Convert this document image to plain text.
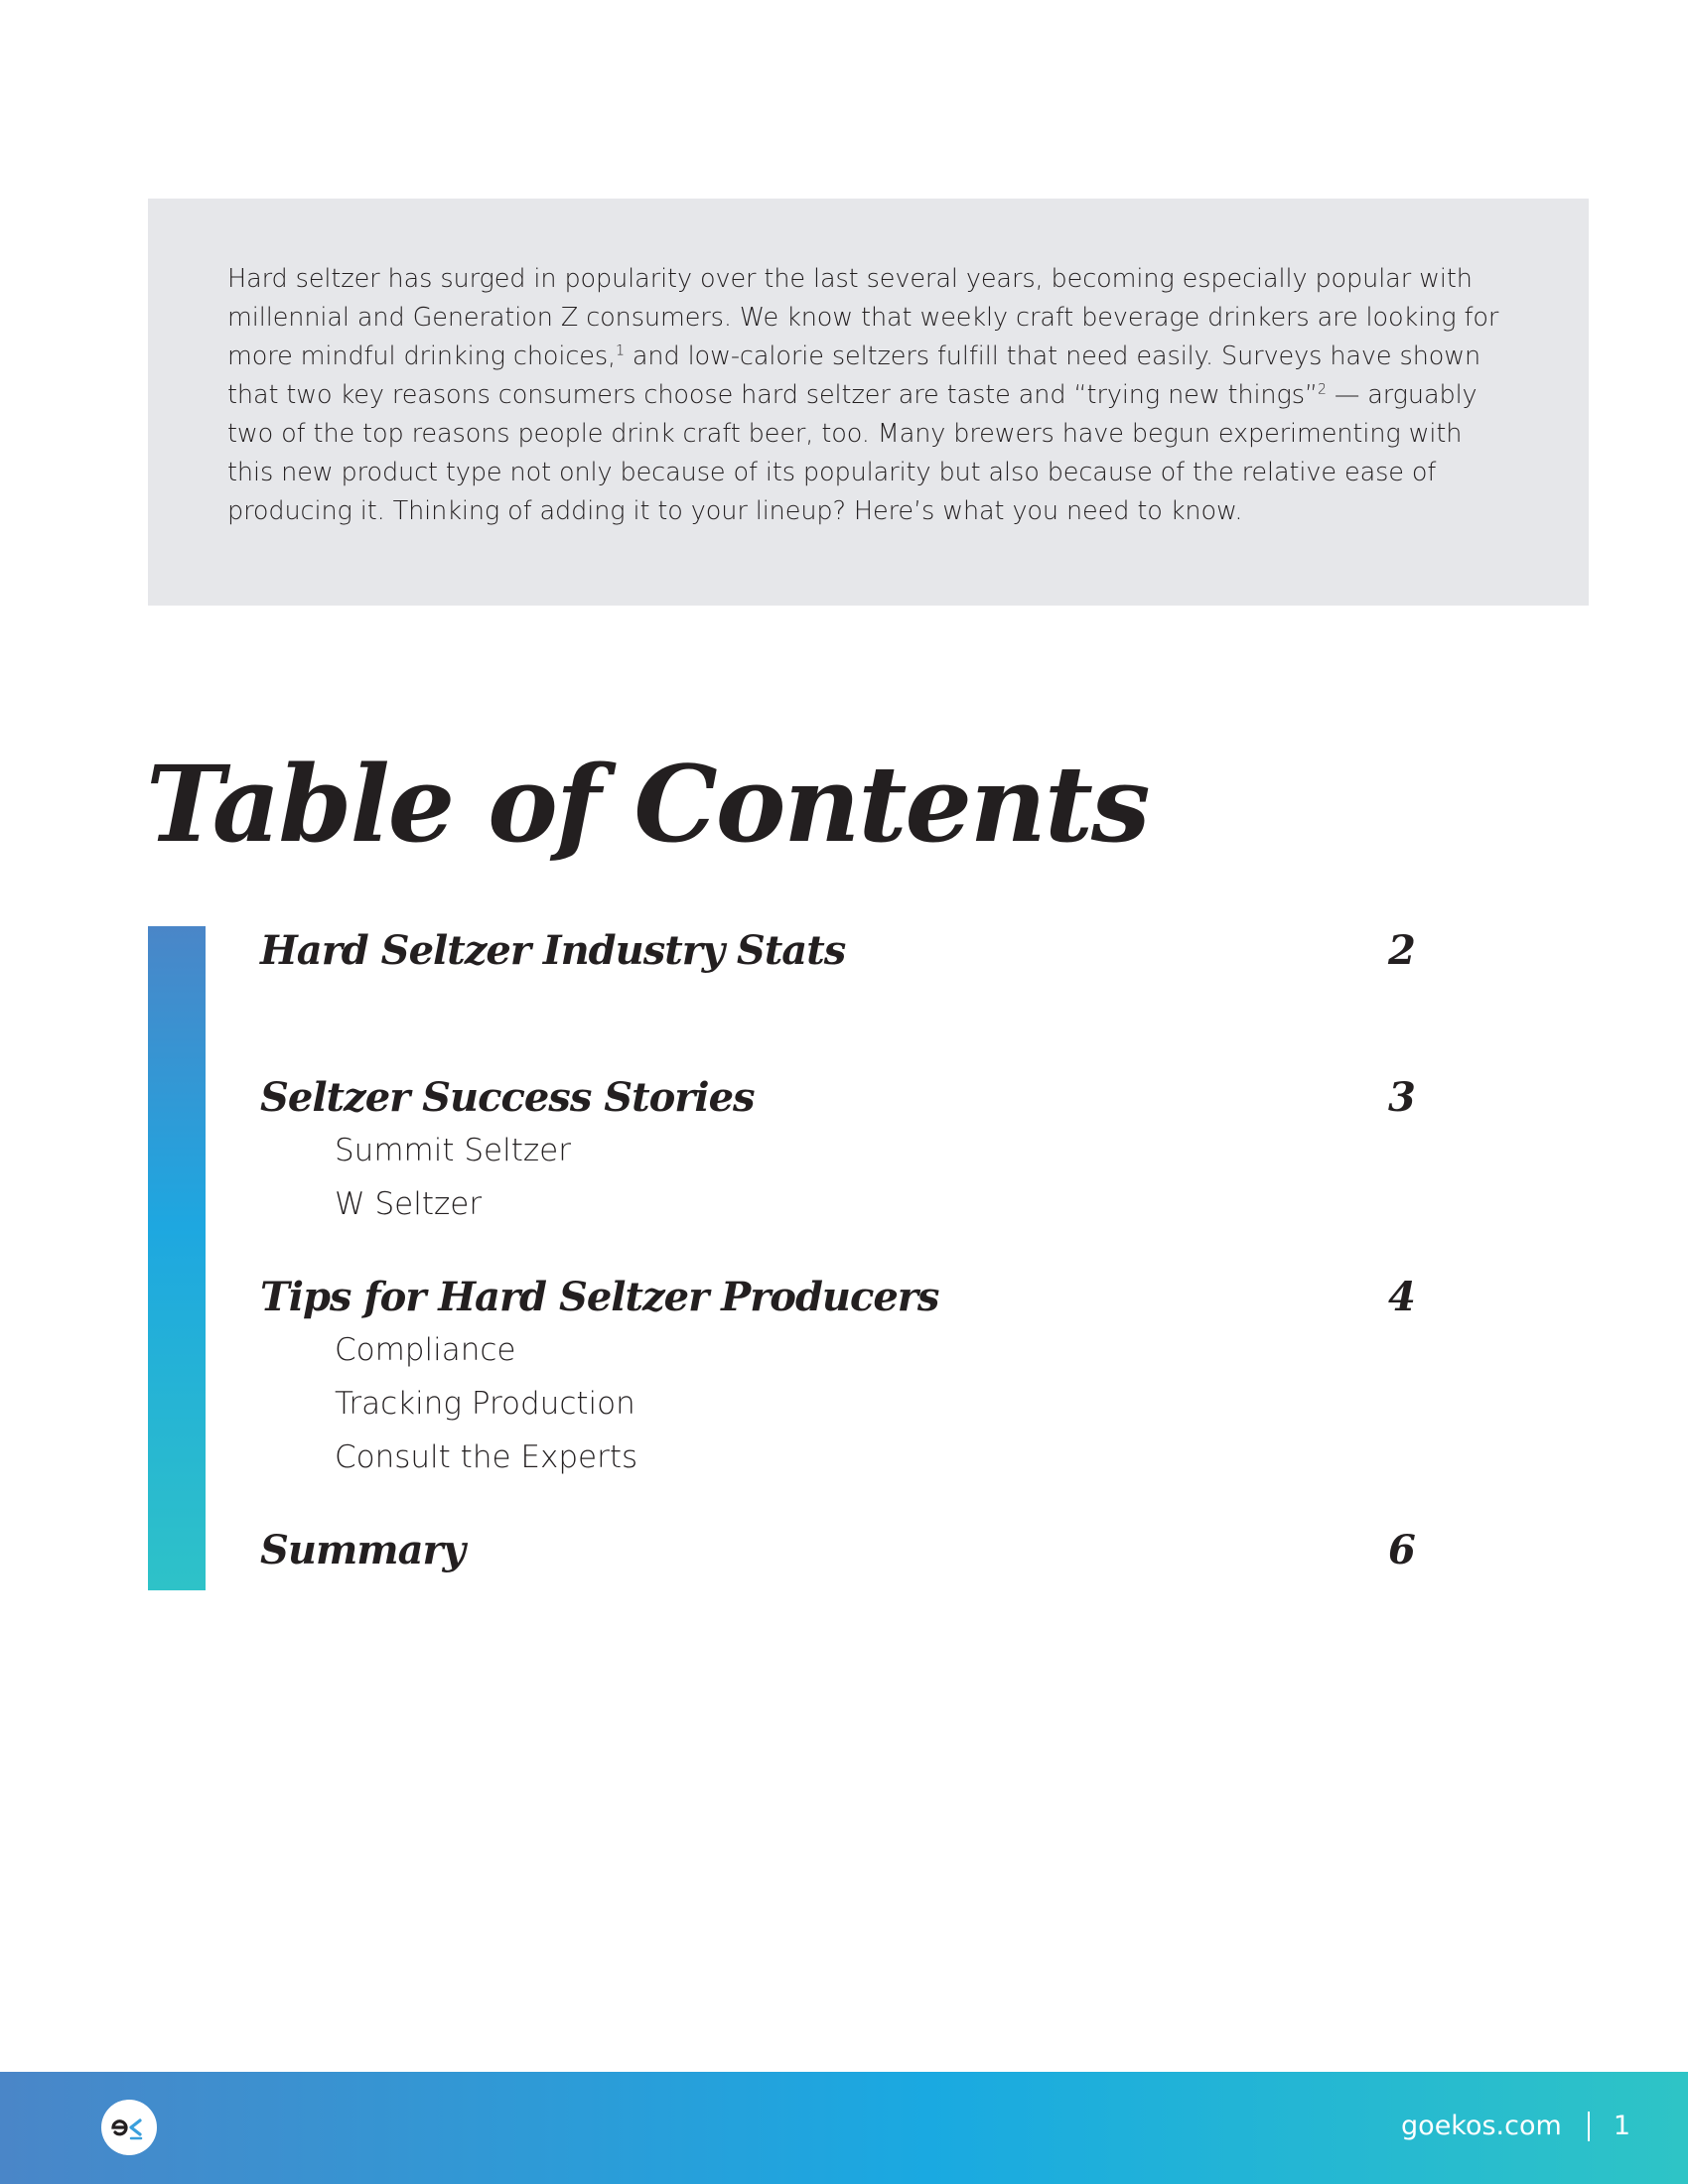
Hard seltzer has surged in popularity over the last several years, becoming especially popular with millennial and Generation Z consumers. We know that weekly craft beverage drinkers are looking for more mindful drinking choices,$^1$ and low-calorie seltzers fulfill that need easily. Surveys have shown that two key reasons consumers choose hard seltzer are taste and “trying new things”$^2$ — arguably two of the top reasons people drink craft beer, too. Many brewers have begun experimenting with this new product type not only because of its popularity but also because of the relative ease of producing it. Thinking of adding it to your lineup? Here’s what you need to know.

Table of Contents
Hard Seltzer Industry Stats	2
Seltzer Success Stories	3
Summit Seltzer
W Seltzer
Tips for Hard Seltzer Producers	4
Compliance
Tracking Production
Consult the Experts
Summary	6
goekos.com 1
